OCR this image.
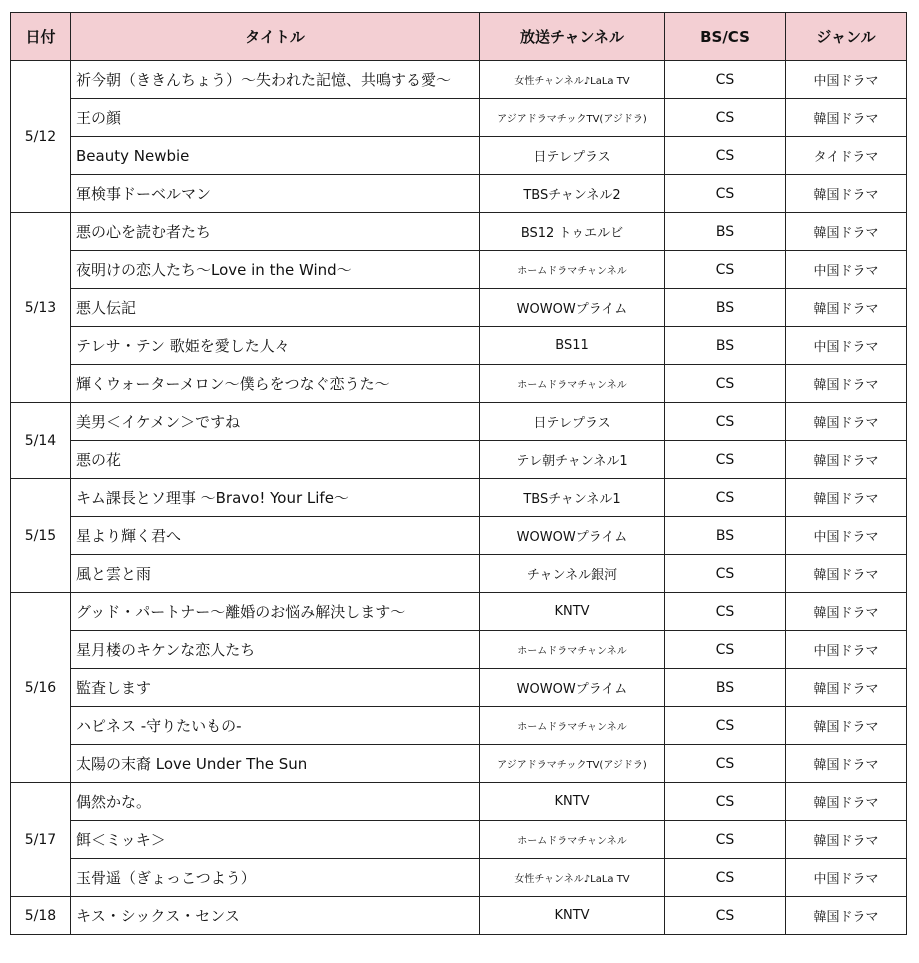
日付	タイトル	放送チャンネル	BS/CS	ジャンル
5/12	祈今朝（ききんちょう）〜失われた記憶、共鳴する愛〜	女性チャンネル♪LaLa TV	CS	中国ドラマ
	王の顔	アジアドラマチックTV(アジドラ)	CS	韓国ドラマ
	Beauty Newbie	日テレプラス	CS	タイドラマ
	軍検事ドーベルマン	TBSチャンネル2	CS	韓国ドラマ
5/13	悪の心を読む者たち	BS12 トゥエルビ	BS	韓国ドラマ
	夜明けの恋人たち〜Love in the Wind〜	ホームドラマチャンネル	CS	中国ドラマ
	悪人伝記	WOWOWプライム	BS	韓国ドラマ
	テレサ・テン 歌姫を愛した人々	BS11	BS	中国ドラマ
	輝くウォーターメロン〜僕らをつなぐ恋うた〜	ホームドラマチャンネル	CS	韓国ドラマ
5/14	美男＜イケメン＞ですね	日テレプラス	CS	韓国ドラマ
	悪の花	テレ朝チャンネル1	CS	韓国ドラマ
5/15	キム課長とソ理事 〜Bravo! Your Life〜	TBSチャンネル1	CS	韓国ドラマ
	星より輝く君へ	WOWOWプライム	BS	中国ドラマ
	風と雲と雨	チャンネル銀河	CS	韓国ドラマ
5/16	グッド・パートナー〜離婚のお悩み解決します〜	KNTV	CS	韓国ドラマ
	星月楼のキケンな恋人たち	ホームドラマチャンネル	CS	中国ドラマ
	監査します	WOWOWプライム	BS	韓国ドラマ
	ハピネス -守りたいもの-	ホームドラマチャンネル	CS	韓国ドラマ
	太陽の末裔 Love Under The Sun	アジアドラマチックTV(アジドラ)	CS	韓国ドラマ
5/17	偶然かな。	KNTV	CS	韓国ドラマ
	餌＜ミッキ＞	ホームドラマチャンネル	CS	韓国ドラマ
	玉骨遥（ぎょっこつよう）	女性チャンネル♪LaLa TV	CS	中国ドラマ
5/18	キス・シックス・センス	KNTV	CS	韓国ドラマ
